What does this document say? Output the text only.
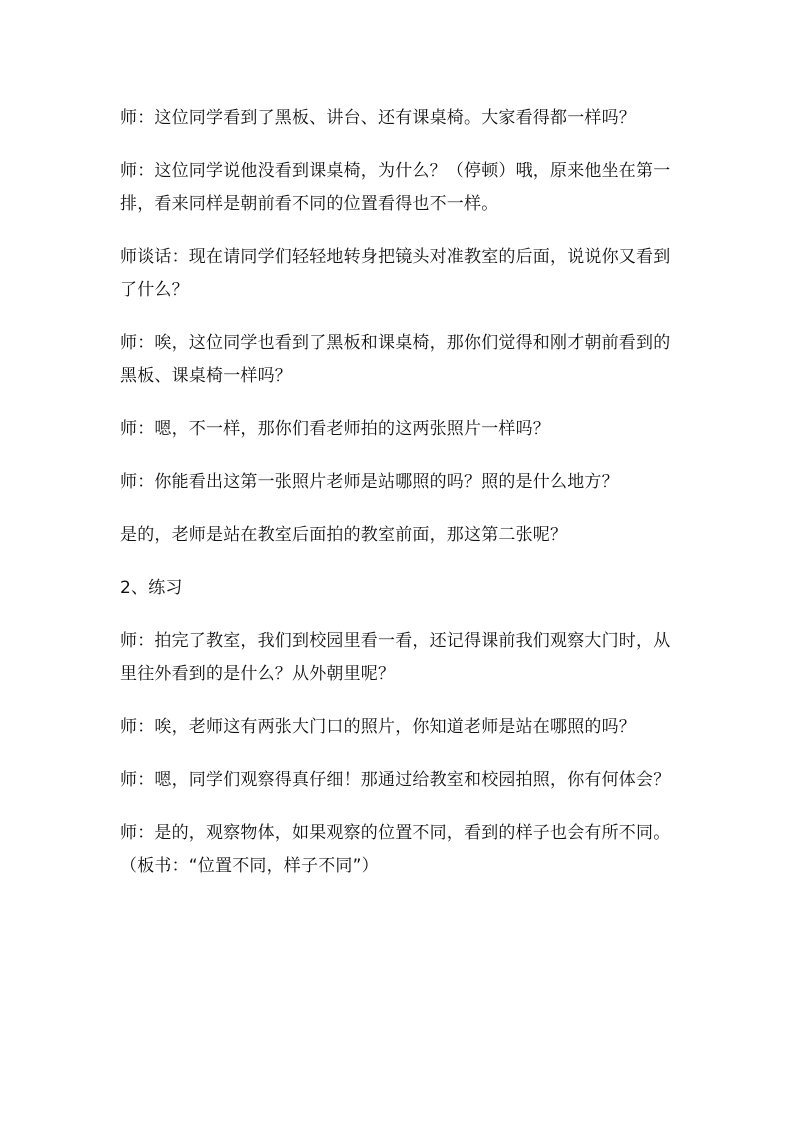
师：这位同学看到了黑板、讲台、还有课桌椅。大家看得都一样吗？

师：这位同学说他没看到课桌椅，为什么？（停顿）哦，原来他坐在第一排，看来同样是朝前看不同的位置看得也不一样。

师谈话：现在请同学们轻轻地转身把镜头对准教室的后面，说说你又看到了什么？

师：唉，这位同学也看到了黑板和课桌椅，那你们觉得和刚才朝前看到的黑板、课桌椅一样吗？

师：嗯，不一样，那你们看老师拍的这两张照片一样吗？

师：你能看出这第一张照片老师是站哪照的吗？照的是什么地方？

是的，老师是站在教室后面拍的教室前面，那这第二张呢？

2、练习

师：拍完了教室，我们到校园里看一看，还记得课前我们观察大门时，从里往外看到的是什么？从外朝里呢？

师：唉，老师这有两张大门口的照片，你知道老师是站在哪照的吗？

师：嗯，同学们观察得真仔细！那通过给教室和校园拍照，你有何体会？

师：是的，观察物体，如果观察的位置不同，看到的样子也会有所不同。（板书：“位置不同，样子不同”）
